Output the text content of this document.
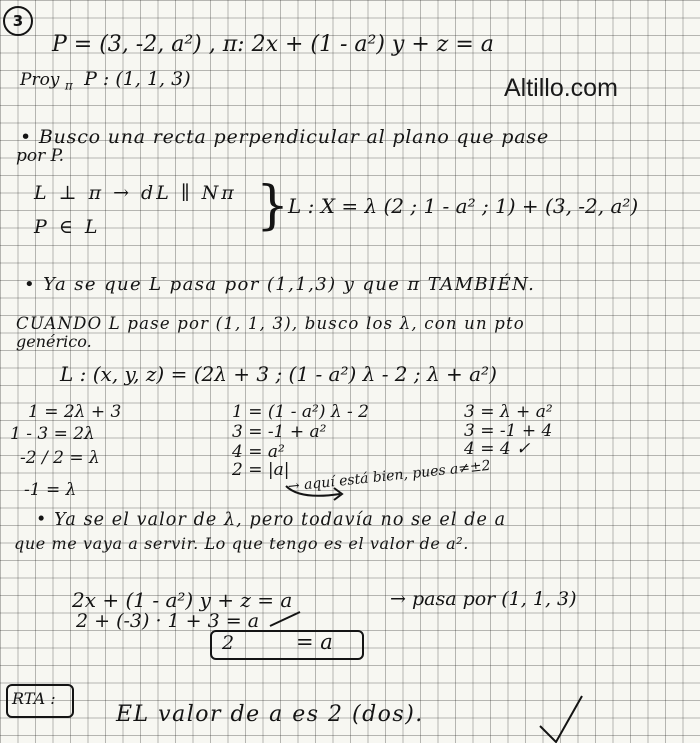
Altillo.com
3
P = (3, -2, a²) , π: 2x + (1 - a²) y + z = a
Proy $_\pi$ P : (1, 1, 3)
• Busco una recta perpendicular al plano que pase
por P.
L ⊥ π → dL ∥ Nπ
P ∈ L	}
L : X = λ (2 ; 1 - a² ; 1) + (3, -2, a²)
• Ya se que L pasa por (1,1,3) y que π TAMBIÉN.
CUANDO L pase por (1, 1, 3), busco los λ, con un pto
genérico.
L : (x, y, z) = (2λ + 3 ; (1 - a²) λ - 2 ; λ + a²)
1 = 2λ + 3
1 - 3 = 2λ
-2 / 2 = λ
-1 = λ
1 = (1 - a²) λ - 2
3 = -1 + a²
4 = a²
2 = |a|
3 = λ + a²
3 = -1 + 4
4 = 4 ✓
→ aquí está bien, pues a≠±2
• Ya se el valor de λ, pero todavía no se el de a
que me vaya a servir. Lo que tengo es el valor de a².
2x + (1 - a²) y + z = a	→ pasa por (1, 1, 3)
2 + (-3) · 1 + 3 = a
2	= a
RTA :
EL valor de a es 2 (dos).
